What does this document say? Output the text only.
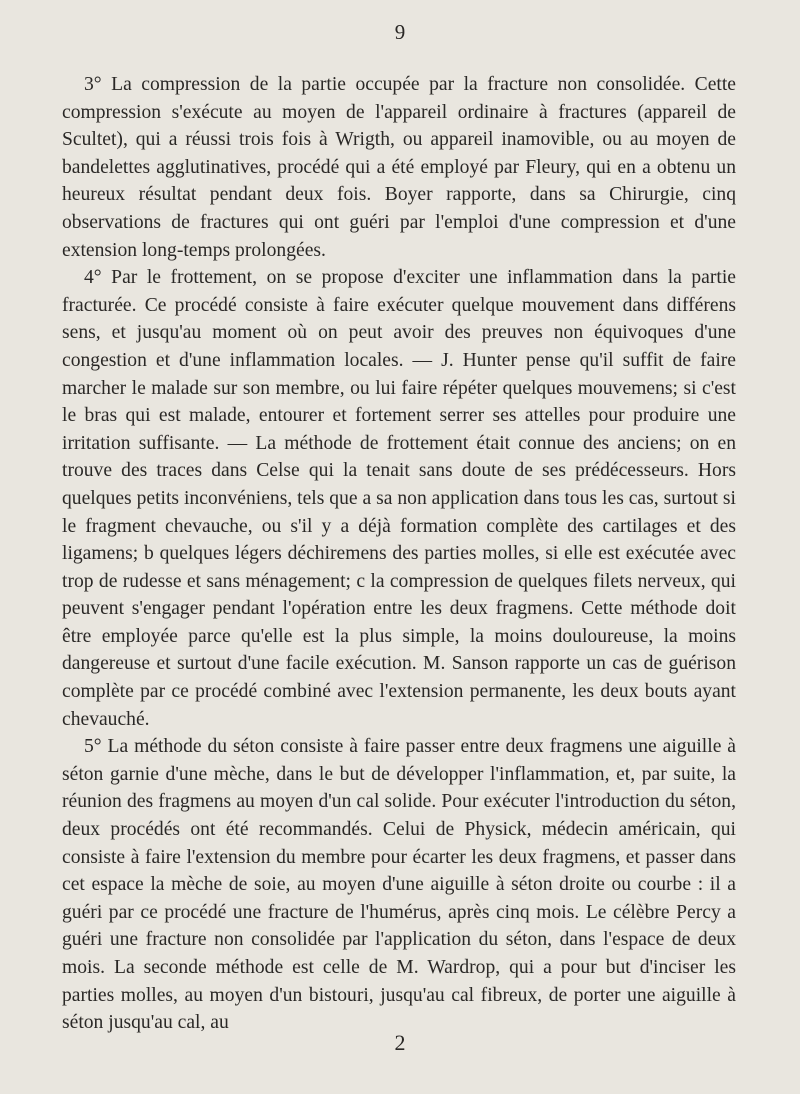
9

3° La compression de la partie occupée par la fracture non consolidée. Cette compression s'exécute au moyen de l'appareil ordinaire à fractures (appareil de Scultet), qui a réussi trois fois à Wrigth, ou appareil inamovible, ou au moyen de bandelettes agglutinatives, procédé qui a été employé par Fleury, qui en a obtenu un heureux résultat pendant deux fois. Boyer rapporte, dans sa Chirurgie, cinq observations de fractures qui ont guéri par l'emploi d'une compression et d'une extension long-temps prolongées.

4° Par le frottement, on se propose d'exciter une inflammation dans la partie fracturée. Ce procédé consiste à faire exécuter quelque mouvement dans différens sens, et jusqu'au moment où on peut avoir des preuves non équivoques d'une congestion et d'une inflammation locales. — J. Hunter pense qu'il suffit de faire marcher le malade sur son membre, ou lui faire répéter quelques mouvemens; si c'est le bras qui est malade, entourer et fortement serrer ses attelles pour produire une irritation suffisante. — La méthode de frottement était connue des anciens; on en trouve des traces dans Celse qui la tenait sans doute de ses prédécesseurs. Hors quelques petits inconvéniens, tels que a sa non application dans tous les cas, surtout si le fragment chevauche, ou s'il y a déjà formation complète des cartilages et des ligamens; b quelques légers déchiremens des parties molles, si elle est exécutée avec trop de rudesse et sans ménagement; c la compression de quelques filets nerveux, qui peuvent s'engager pendant l'opération entre les deux fragmens. Cette méthode doit être employée parce qu'elle est la plus simple, la moins douloureuse, la moins dangereuse et surtout d'une facile exécution. M. Sanson rapporte un cas de guérison complète par ce procédé combiné avec l'extension permanente, les deux bouts ayant chevauché.

5° La méthode du séton consiste à faire passer entre deux fragmens une aiguille à séton garnie d'une mèche, dans le but de développer l'inflammation, et, par suite, la réunion des fragmens au moyen d'un cal solide. Pour exécuter l'introduction du séton, deux procédés ont été recommandés. Celui de Physick, médecin américain, qui consiste à faire l'extension du membre pour écarter les deux fragmens, et passer dans cet espace la mèche de soie, au moyen d'une aiguille à séton droite ou courbe : il a guéri par ce procédé une fracture de l'humérus, après cinq mois. Le célèbre Percy a guéri une fracture non consolidée par l'application du séton, dans l'espace de deux mois. La seconde méthode est celle de M. Wardrop, qui a pour but d'inciser les parties molles, au moyen d'un bistouri, jusqu'au cal fibreux, de porter une aiguille à séton jusqu'au cal, au

2
